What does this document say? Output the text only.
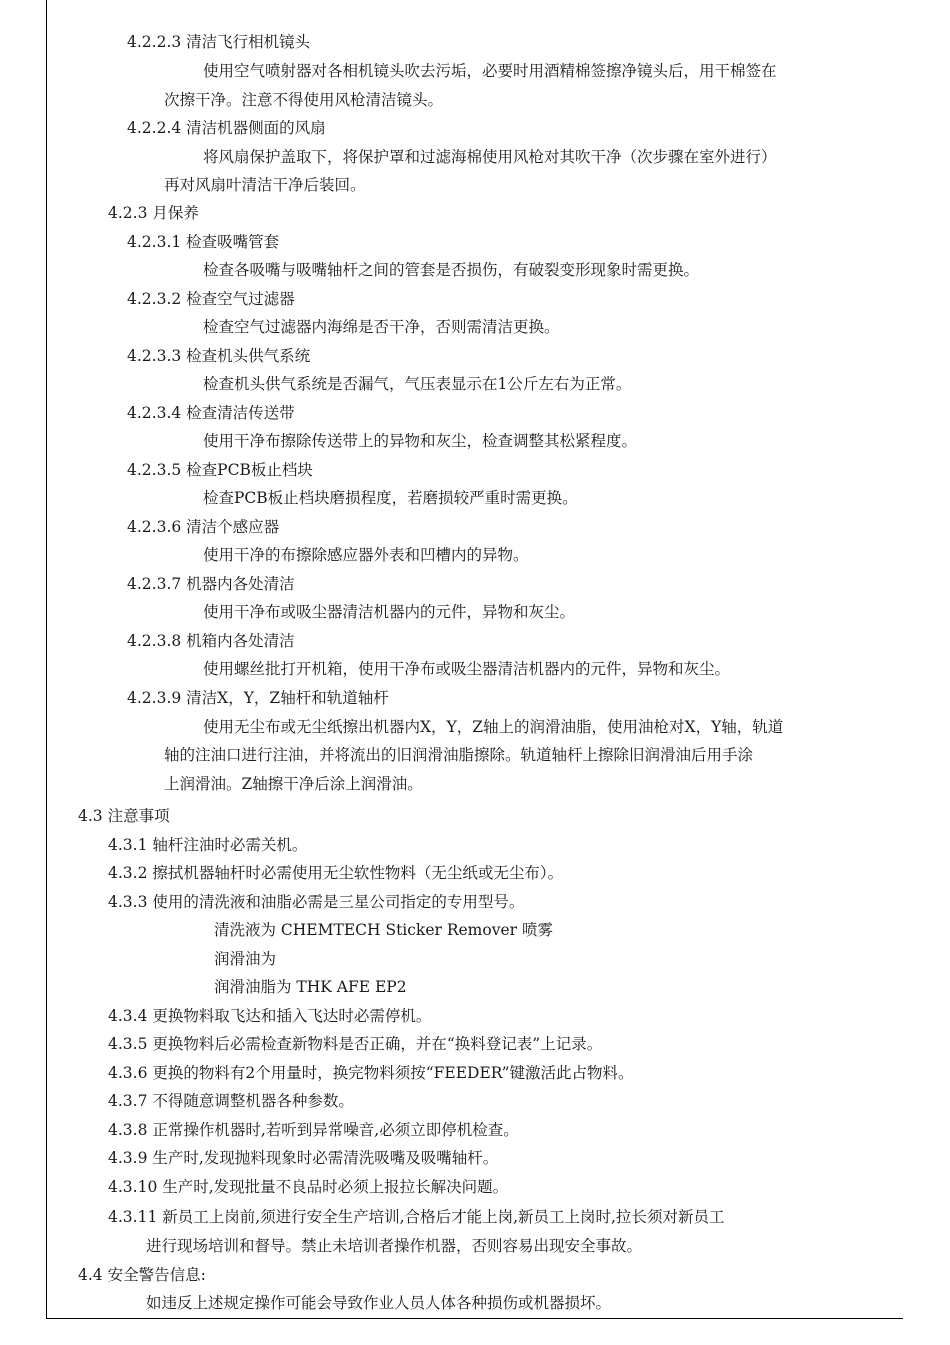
4.2.2.3 清洁飞行相机镜头
使用空气喷射器对各相机镜头吹去污垢，必要时用酒精棉签擦净镜头后，用干棉签在
次擦干净。注意不得使用风枪清洁镜头。
4.2.2.4 清洁机器侧面的风扇
将风扇保护盖取下，将保护罩和过滤海棉使用风枪对其吹干净（次步骤在室外进行）
再对风扇叶清洁干净后装回。
4.2.3 月保养
4.2.3.1 检查吸嘴管套
检查各吸嘴与吸嘴轴杆之间的管套是否损伤，有破裂变形现象时需更换。
4.2.3.2 检查空气过滤器
检查空气过滤器内海绵是否干净，否则需清洁更换。
4.2.3.3 检查机头供气系统
检查机头供气系统是否漏气，气压表显示在1公斤左右为正常。
4.2.3.4 检查清洁传送带
使用干净布擦除传送带上的异物和灰尘，检查调整其松紧程度。
4.2.3.5 检查PCB板止档块
检查PCB板止档块磨损程度，若磨损较严重时需更换。
4.2.3.6 清洁个感应器
使用干净的布擦除感应器外表和凹槽内的异物。
4.2.3.7 机器内各处清洁
使用干净布或吸尘器清洁机器内的元件，异物和灰尘。
4.2.3.8 机箱内各处清洁
使用螺丝批打开机箱，使用干净布或吸尘器清洁机器内的元件，异物和灰尘。
4.2.3.9 清洁X，Y，Z轴杆和轨道轴杆
使用无尘布或无尘纸擦出机器内X，Y，Z轴上的润滑油脂，使用油枪对X，Y轴，轨道
轴的注油口进行注油，并将流出的旧润滑油脂擦除。轨道轴杆上擦除旧润滑油后用手涂
上润滑油。Z轴擦干净后涂上润滑油。
4.3 注意事项
4.3.1 轴杆注油时必需关机。
4.3.2 擦拭机器轴杆时必需使用无尘软性物料（无尘纸或无尘布）。
4.3.3 使用的清洗液和油脂必需是三星公司指定的专用型号。
清洗液为 CHEMTECH Sticker Remover 喷雾
润滑油为
润滑油脂为 THK AFE EP2
4.3.4 更换物料取飞达和插入飞达时必需停机。
4.3.5 更换物料后必需检查新物料是否正确，并在“换料登记表”上记录。
4.3.6 更换的物料有2个用量时，换完物料须按“FEEDER”键激活此占物料。
4.3.7 不得随意调整机器各种参数。
4.3.8 正常操作机器时,若听到异常噪音,必须立即停机检查。
4.3.9 生产时,发现抛料现象时必需清洗吸嘴及吸嘴轴杆。
4.3.10 生产时,发现批量不良品时必须上报拉长解决问题。
4.3.11 新员工上岗前,须进行安全生产培训,合格后才能上岗,新员工上岗时,拉长须对新员工
进行现场培训和督导。禁止未培训者操作机器，否则容易出现安全事故。
4.4 安全警告信息:
如违反上述规定操作可能会导致作业人员人体各种损伤或机器损坏。
